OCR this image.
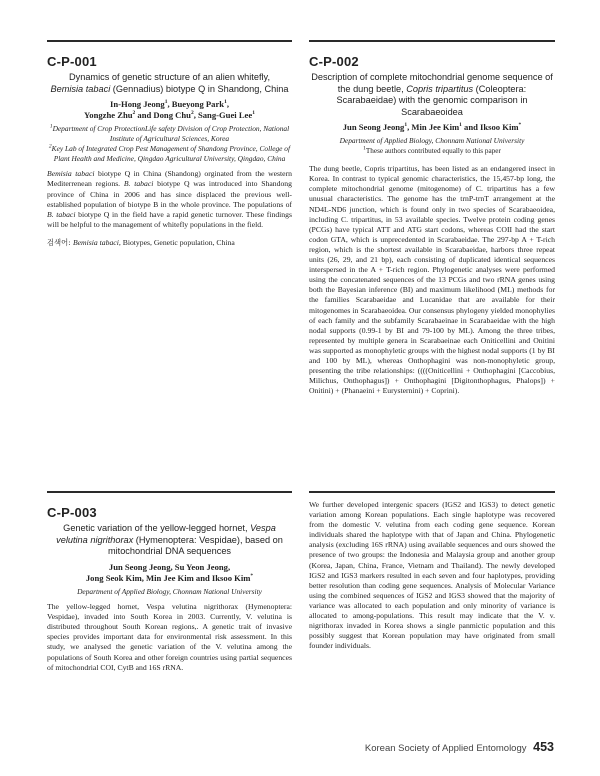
C-P-001
Dynamics of genetic structure of an alien whitefly,
Bemisia tabaci (Gennadius) biotype Q in Shandong, China
In-Hong Jeong$^1$, Bueyong Park$^1$,
Yongzhe Zhu$^2$ and Dong Chu$^2$, Sang-Guei Lee$^1$
$^1$Department of Crop ProtectionLife safety Division of Crop Protection, National Institute of Agricultural Sciences, Korea
$^2$Key Lab of Integrated Crop Pest Management of Shandong Province, College of Plant Health and Medicine, Qingdao Agricultural University, Qingdao, China
Bemisia tabaci biotype Q in China (Shandong) orginated from the western Mediterrenean regions. B. tabaci biotype Q was introduced into Shandong province of China in 2006 and has since displaced the previous well-established population of biotype B in the whole province. The populations of B. tabaci biotype Q in the field have a rapid genetic turnover. These findings will be helpful to the management of whitefly populations in the field.
검색어: Bemisia tabaci, Biotypes, Genetic population, China
C-P-002
Description of complete mitochondrial genome sequence of the dung beetle, Copris tripartitus (Coleoptera: Scarabaeidae) with the genomic comparison in Scarabaeoidea
Jun Seong Jeong$^1$, Min Jee Kim$^1$ and Iksoo Kim*
Department of Applied Biology, Chonnam National University
$^1$These authors contributed equally to this paper
The dung beetle, Copris tripartitus, has been listed as an endangered insect in Korea. In contrast to typical genomic characteristics, the 15,457-bp long, the complete mitochondrial genome (mitogenome) of C. tripartitus has a few unusual characteristics. The genome has the trnP-trnT arrangement at the ND4L-ND6 junction, which is found only in two species of Scarabaeoidea, including C. tripartitus, in 53 available species. Twelve protein coding genes (PCGs) have typical ATT and ATG start codons, whereas COII had the start codon GTA, which is unprecedented in Scarabaeidae. The 297-bp A + T-rich region, which is the shortest available in Scarabaeidae, harbors three repeat units (26, 29, and 21 bp), each consisting of duplicated identical sequences interspersed in the A + T-rich region. Phylogenetic analyses were performed using the concatenated sequences of the 13 PCGs and two rRNA genes using both the Bayesian inference (BI) and maximum likelihood (ML) methods for the families Scarabaeidae and Lucanidae that are available for their mitogenomes in Scarabaeoidea. Our consensus phylogeny yielded monophylies of each family and the subfamily Scarabaeinae in Scarabaeidae with the high nodal supports (0.99-1 by BI and 79-100 by ML). Among the three tribes, represented by multiple genera in Scarabaeinae each Oniticellini and Onitini was supported as monophyletic groups with the highest nodal supports (1 by BI and 100 by ML), whereas Onthophagini was non-monophyletic group, presenting the tribe relationships: ((((Oniticellini + Onthophagini [Caccobius, Milichus, Onthophagus]) + Onthophagini [Digitonthophagus, Phalops]) + Onitini) + (Phanaeini + Eurysternini) + Coprini).
C-P-003
Genetic variation of the yellow-legged hornet, Vespa velutina nigrithorax (Hymenoptera: Vespidae), based on mitochondrial DNA sequences
Jun Seong Jeong, Su Yeon Jeong,
Jong Seok Kim, Min Jee Kim and Iksoo Kim*
Department of Applied Biology, Chonnam National University
The yellow-legged hornet, Vespa velutina nigrithorax (Hymenoptera: Vespidae), invaded into South Korea in 2003. Currently, V. velutina is distributed throughout South Korean regions,. A genetic trait of invasive species provides important data for environmental risk assessment. In this study, we analysed the genetic variation of the V. velutina among the populations of South Korea and other foreign countries using partial sequences of mitochondrial COI, CytB and 16S rRNA.
We further developed intergenic spacers (IGS2 and IGS3) to detect genetic variation among Korean populations. Each single haplotype was recovered from the domestic V. velutina from each coding gene sequence. Korean individuals shared the haplotype with that of Japan and China. Phylogenetic analysis (excluding 16S rRNA) using available sequences and ours showed the presence of two groups: the Indonesia and Malaysia group and another group (Korea, Japan, China, France, Vietnam and Thailand). The newly developed IGS2 and IGS3 markers resulted in each seven and four haplotypes, providing better resolution than coding gene sequences. Analysis of Molecular Variance using the combined sequences of IGS2 and IGS3 showed that the majority of variance was allocated to each population and only minority of variance is allocated to among-populations. This result may indicate that the V. v. nigrithorax invaded in Korea shows a single panmictic population and this possibly suggest that Korean population may have originated from small founder individuals.
Korean Society of Applied Entomology 453
